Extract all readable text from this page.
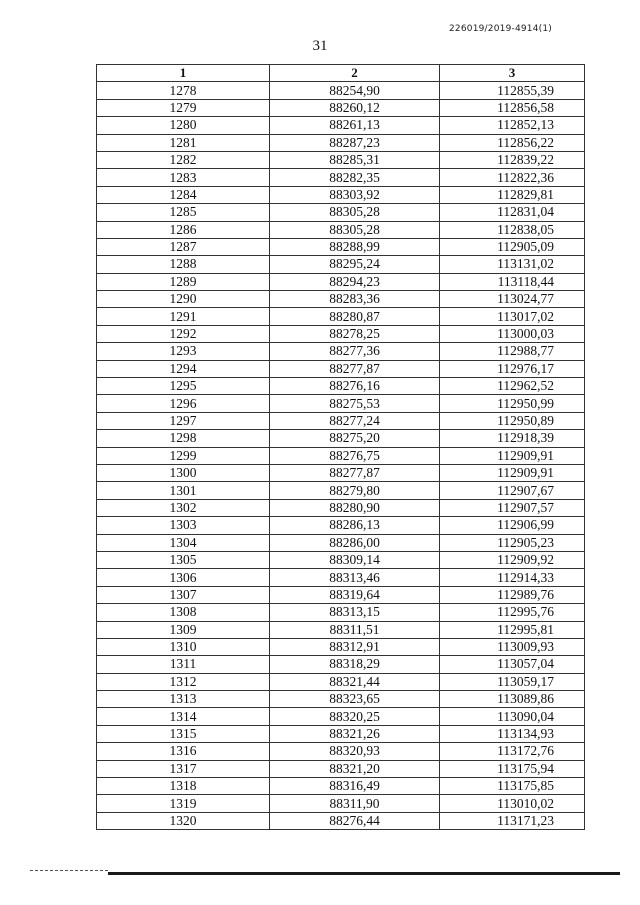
226019/2019-4914(1)
31
1	2	3
1278	88254,90	112855,39
1279	88260,12	112856,58
1280	88261,13	112852,13
1281	88287,23	112856,22
1282	88285,31	112839,22
1283	88282,35	112822,36
1284	88303,92	112829,81
1285	88305,28	112831,04
1286	88305,28	112838,05
1287	88288,99	112905,09
1288	88295,24	113131,02
1289	88294,23	113118,44
1290	88283,36	113024,77
1291	88280,87	113017,02
1292	88278,25	113000,03
1293	88277,36	112988,77
1294	88277,87	112976,17
1295	88276,16	112962,52
1296	88275,53	112950,99
1297	88277,24	112950,89
1298	88275,20	112918,39
1299	88276,75	112909,91
1300	88277,87	112909,91
1301	88279,80	112907,67
1302	88280,90	112907,57
1303	88286,13	112906,99
1304	88286,00	112905,23
1305	88309,14	112909,92
1306	88313,46	112914,33
1307	88319,64	112989,76
1308	88313,15	112995,76
1309	88311,51	112995,81
1310	88312,91	113009,93
1311	88318,29	113057,04
1312	88321,44	113059,17
1313	88323,65	113089,86
1314	88320,25	113090,04
1315	88321,26	113134,93
1316	88320,93	113172,76
1317	88321,20	113175,94
1318	88316,49	113175,85
1319	88311,90	113010,02
1320	88276,44	113171,23
